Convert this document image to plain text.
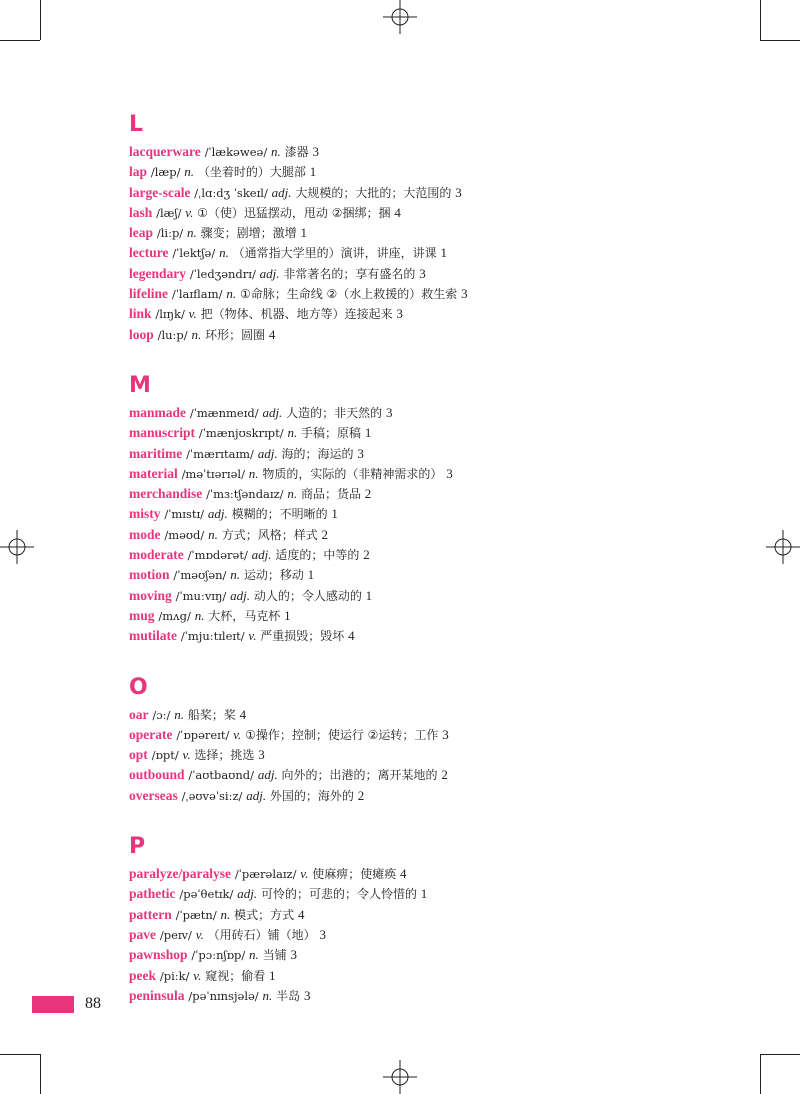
L
lacquerware /ˈlækəweə/ n. 漆器 3
lap /læp/ n. （坐着时的）大腿部 1
large-scale /ˌlɑːdʒ ˈskeɪl/ adj. 大规模的；大批的；大范围的 3
lash /læʃ/ v. ①（使）迅猛摆动，甩动 ②捆绑；捆 4
leap /liːp/ n. 骤变；剧增；激增 1
lecture /ˈlektʃə/ n. （通常指大学里的）演讲，讲座，讲课 1
legendary /ˈledʒəndrɪ/ adj. 非常著名的；享有盛名的 3
lifeline /ˈlaɪflaɪn/ n. ①命脉；生命线 ②（水上救援的）救生索 3
link /lɪŋk/ v. 把（物体、机器、地方等）连接起来 3
loop /luːp/ n. 环形；圆圈 4
M
manmade /ˈmænmeɪd/ adj. 人造的；非天然的 3
manuscript /ˈmænjʊskrɪpt/ n. 手稿；原稿 1
maritime /ˈmærɪtaɪm/ adj. 海的；海运的 3
material /məˈtɪərɪəl/ n. 物质的，实际的（非精神需求的） 3
merchandise /ˈmɜːtʃəndaɪz/ n. 商品；货品 2
misty /ˈmɪstɪ/ adj. 模糊的；不明晰的 1
mode /məʊd/ n. 方式；风格；样式 2
moderate /ˈmɒdərət/ adj. 适度的；中等的 2
motion /ˈməʊʃən/ n. 运动；移动 1
moving /ˈmuːvɪŋ/ adj. 动人的；令人感动的 1
mug /mʌg/ n. 大杯，马克杯 1
mutilate /ˈmjuːtɪleɪt/ v. 严重损毁；毁坏 4
O
oar /ɔː/ n. 船桨；桨 4
operate /ˈɒpəreɪt/ v. ①操作；控制；使运行 ②运转；工作 3
opt /ɒpt/ v. 选择；挑选 3
outbound /ˈaʊtbaʊnd/ adj. 向外的；出港的；离开某地的 2
overseas /ˌəʊvəˈsiːz/ adj. 外国的；海外的 2
P
paralyze/paralyse /ˈpærəlaɪz/ v. 使麻痹；使瘫痪 4
pathetic /pəˈθetɪk/ adj. 可怜的；可悲的；令人怜惜的 1
pattern /ˈpætn/ n. 模式；方式 4
pave /peɪv/ v. （用砖石）铺（地） 3
pawnshop /ˈpɔːnʃɒp/ n. 当铺 3
peek /piːk/ v. 窥视；偷看 1
peninsula /pəˈnɪnsjələ/ n. 半岛 3
88
